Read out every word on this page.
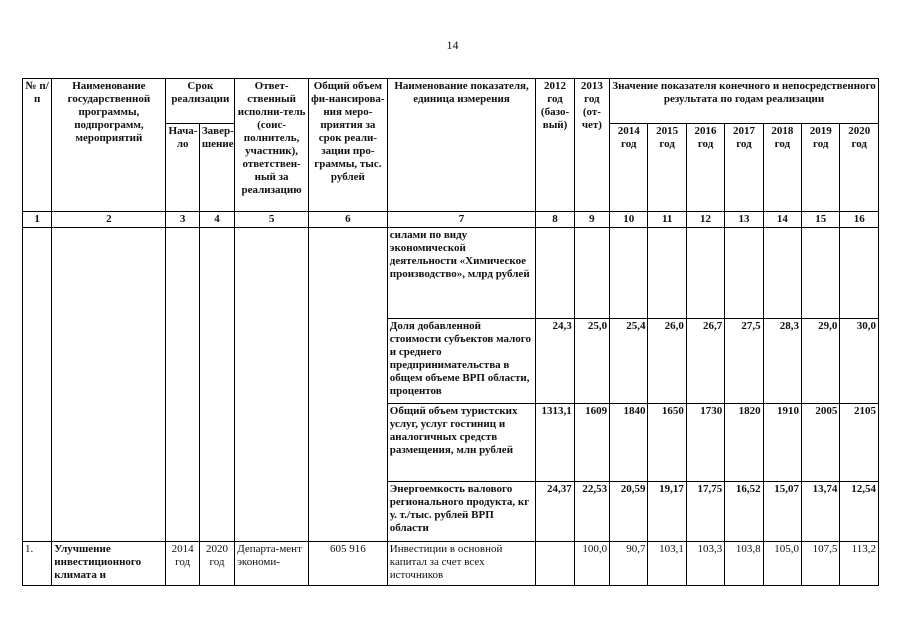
14
№ п/п	Наименование государственной программы, подпрограмм, мероприятий	Срок реализации		Ответ-ственный исполни-тель (соис-полнитель, участник), ответствен-ный за реализацию	Общий объем фи-нансирова-ния меро-приятия за срок реали-зации про-граммы, тыс. рублей	Наименование показателя, единица измерения	2012 год (базо-вый)	2013 год (от-чет)	Значение показателя конечного и непосредственного результата по годам реализации						
		Нача-ло	Завер-шение						2014 год	2015 год	2016 год	2017 год	2018 год	2019 год	2020 год
1	2	3	4	5	6	7	8	9	10	11	12	13	14	15	16
						силами по виду экономической деятельности «Химическое производство», млрд рублей									
						Доля добавленной стоимости субъектов малого и среднего предпринимательства в общем объеме ВРП области, процентов	24,3	25,0	25,4	26,0	26,7	27,5	28,3	29,0	30,0
						Общий объем туристских услуг, услуг гостиниц и аналогичных средств размещения, млн рублей	1313,1	1609	1840	1650	1730	1820	1910	2005	2105
						Энергоемкость валового регионального продукта, кг у. т./тыс. рублей ВРП области	24,37	22,53	20,59	19,17	17,75	16,52	15,07	13,74	12,54
1.	Улучшение инвестиционного климата и	2014 год	2020 год	Департа-мент экономи-	605 916	Инвестиции в основной капитал за счет всех источников		100,0	90,7	103,1	103,3	103,8	105,0	107,5	113,2
